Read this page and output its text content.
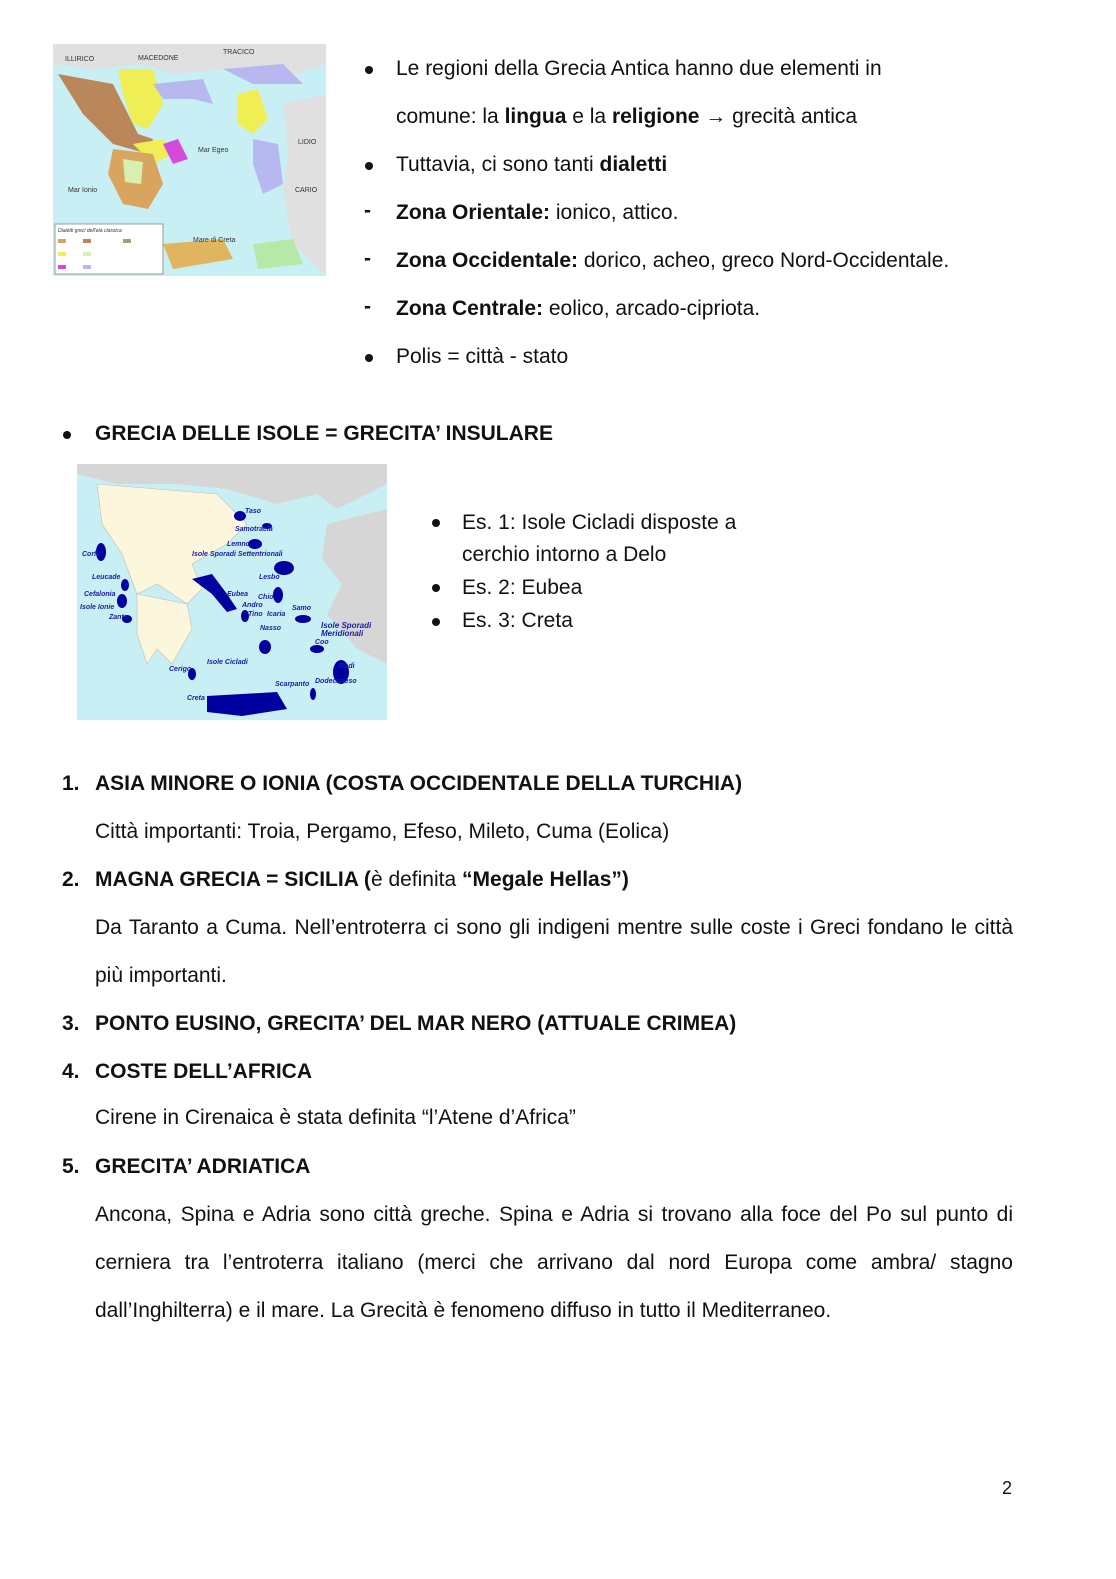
ILLIRICO	MACEDONE
TRACICO
LIDIO
CARIO
Mar Egeo
Mar Ionio
Mare di Creta
Dialetti greci dell'età classica
Le regioni della Grecia Antica hanno due elementi in
comune: la lingua e la religione → grecità antica
Tuttavia, ci sono tanti dialetti
- Zona Orientale: ionico, attico.
- Zona Occidentale: dorico, acheo, greco Nord-Occidentale.
- Zona Centrale: eolico, arcado-cipriota.
Polis = città - stato
GRECIA DELLE ISOLE = GRECITA’ INSULARE
Taso
Samotracia
Lemno
Isole Sporadi Settentrionali
Corfù
Leucade
Cefalonia
Isole Ionie
Zante
Lesbo
Eubea Chio
Andro
Tino Icaria
Samo
Nasso
Coo
Isole Cicladi
Cerigo	Rodi
Scarpanto Dodecaneso
Creta
Isole Sporadi Meridionali
Es. 1: Isole Cicladi disposte a
cerchio intorno a Delo
Es. 2: Eubea
Es. 3: Creta
1. ASIA MINORE O IONIA (COSTA OCCIDENTALE DELLA TURCHIA)
Città importanti: Troia, Pergamo, Efeso, Mileto, Cuma (Eolica)
2. MAGNA GRECIA = SICILIA (è definita “Megale Hellas”)
Da Taranto a Cuma. Nell’entroterra ci sono gli indigeni mentre sulle coste i Greci fondano le città più importanti.
3. PONTO EUSINO, GRECITA’ DEL MAR NERO (ATTUALE CRIMEA)
4. COSTE DELL’AFRICA
Cirene in Cirenaica è stata definita “l’Atene d’Africa”
5. GRECITA’ ADRIATICA
Ancona, Spina e Adria sono città greche. Spina e Adria si trovano alla foce del Po sul punto di cerniera tra l’entroterra italiano (merci che arrivano dal nord Europa come ambra/ stagno dall’Inghilterra) e il mare. La Grecità è fenomeno diffuso in tutto il Mediterraneo.
2
